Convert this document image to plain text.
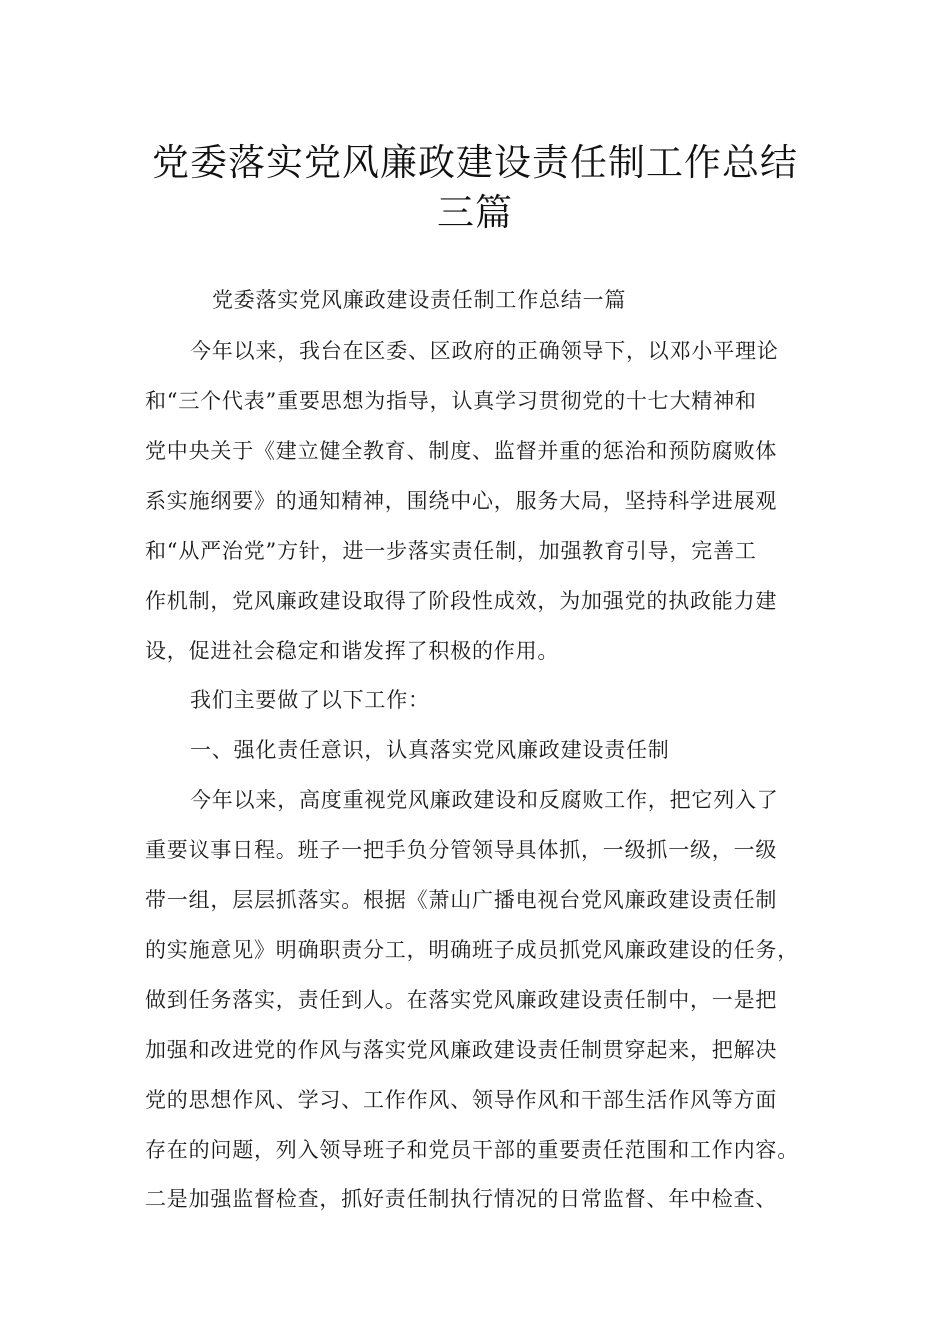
党委落实党风廉政建设责任制工作总结
三篇
党委落实党风廉政建设责任制工作总结一篇
今年以来，我台在区委、区政府的正确领导下，以邓小平理论
和“三个代表”重要思想为指导，认真学习贯彻党的十七大精神和
党中央关于《建立健全教育、制度、监督并重的惩治和预防腐败体
系实施纲要》的通知精神，围绕中心，服务大局，坚持科学进展观
和“从严治党”方针，进一步落实责任制，加强教育引导，完善工
作机制，党风廉政建设取得了阶段性成效，为加强党的执政能力建
设，促进社会稳定和谐发挥了积极的作用。
我们主要做了以下工作：
一、强化责任意识，认真落实党风廉政建设责任制
今年以来，高度重视党风廉政建设和反腐败工作，把它列入了
重要议事日程。班子一把手负分管领导具体抓，一级抓一级，一级
带一组，层层抓落实。根据《萧山广播电视台党风廉政建设责任制
的实施意见》明确职责分工，明确班子成员抓党风廉政建设的任务，
做到任务落实，责任到人。在落实党风廉政建设责任制中，一是把
加强和改进党的作风与落实党风廉政建设责任制贯穿起来，把解决
党的思想作风、学习、工作作风、领导作风和干部生活作风等方面
存在的问题，列入领导班子和党员干部的重要责任范围和工作内容。
二是加强监督检查，抓好责任制执行情况的日常监督、年中检查、
